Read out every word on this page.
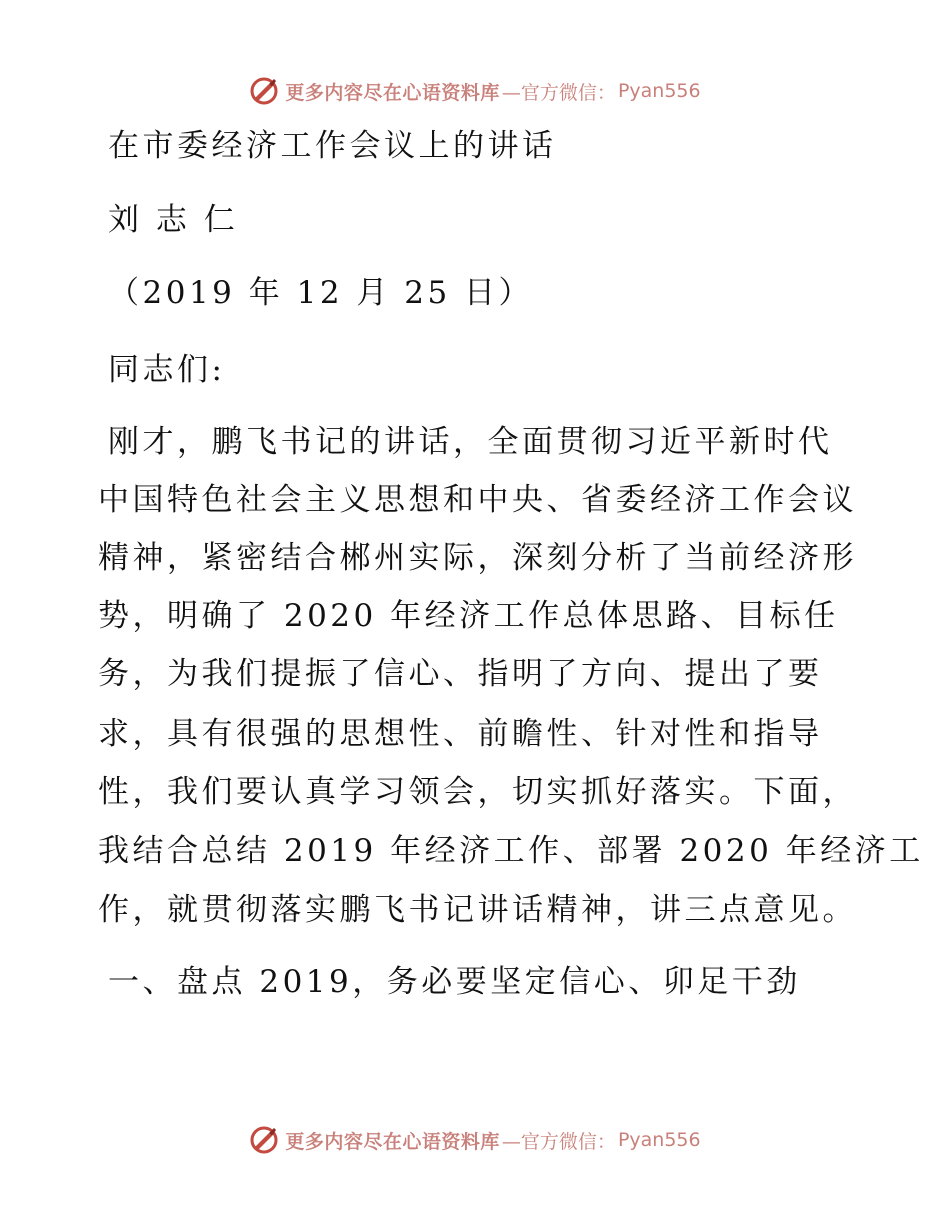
更多内容尽在心语资料库 —官方微信： Pyan556
在市委经济工作会议上的讲话
刘 志 仁
（2019 年 12 月 25 日）
同志们:
刚才，鹏飞书记的讲话，全面贯彻习近平新时代
中国特色社会主义思想和中央、省委经济工作会议
精神，紧密结合郴州实际，深刻分析了当前经济形
势，明确了 2020 年经济工作总体思路、目标任
务，为我们提振了信心、指明了方向、提出了要
求，具有很强的思想性、前瞻性、针对性和指导
性，我们要认真学习领会，切实抓好落实。下面，
我结合总结 2019 年经济工作、部署 2020 年经济工
作，就贯彻落实鹏飞书记讲话精神，讲三点意见。
一、盘点 2019，务必要坚定信心、卯足干劲
更多内容尽在心语资料库 —官方微信： Pyan556
